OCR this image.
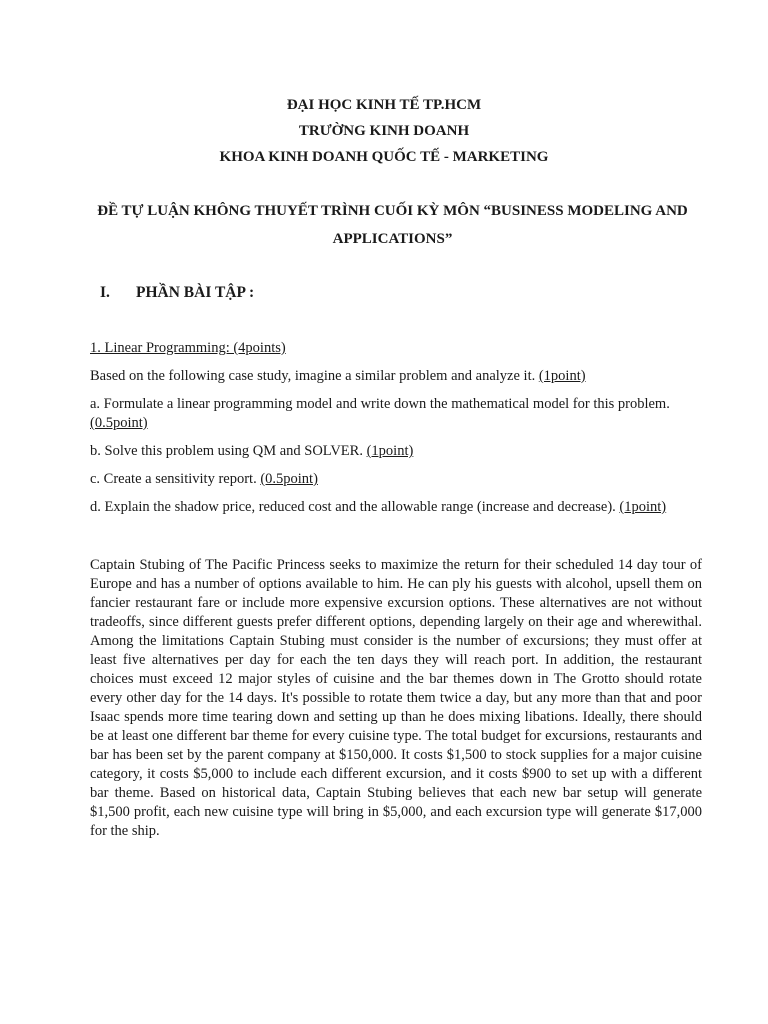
ĐẠI HỌC KINH TẾ TP.HCM
TRƯỜNG KINH DOANH
KHOA KINH DOANH QUỐC TẾ - MARKETING
ĐỀ TỰ LUẬN KHÔNG THUYẾT TRÌNH CUỐI KỲ MÔN “BUSINESS MODELING AND
APPLICATIONS”
I.	PHẦN BÀI TẬP :
1. Linear Programming: (4points)
Based on the following case study, imagine a similar problem and analyze it. (1point)
a. Formulate a linear programming model and write down the mathematical model for this problem. (0.5point)
b. Solve this problem using QM and SOLVER. (1point)
c. Create a sensitivity report. (0.5point)
d. Explain the shadow price, reduced cost and the allowable range (increase and decrease). (1point)
Captain Stubing of The Pacific Princess seeks to maximize the return for their scheduled 14 day tour of Europe and has a number of options available to him. He can ply his guests with alcohol, upsell them on fancier restaurant fare or include more expensive excursion options. These alternatives are not without tradeoffs, since different guests prefer different options, depending largely on their age and wherewithal. Among the limitations Captain Stubing must consider is the number of excursions; they must offer at least five alternatives per day for each the ten days they will reach port. In addition, the restaurant choices must exceed 12 major styles of cuisine and the bar themes down in The Grotto should rotate every other day for the 14 days. It's possible to rotate them twice a day, but any more than that and poor Isaac spends more time tearing down and setting up than he does mixing libations. Ideally, there should be at least one different bar theme for every cuisine type. The total budget for excursions, restaurants and bar has been set by the parent company at $150,000. It costs $1,500 to stock supplies for a major cuisine category, it costs $5,000 to include each different excursion, and it costs $900 to set up with a different bar theme. Based on historical data, Captain Stubing believes that each new bar setup will generate $1,500 profit, each new cuisine type will bring in $5,000, and each excursion type will generate $17,000 for the ship.
